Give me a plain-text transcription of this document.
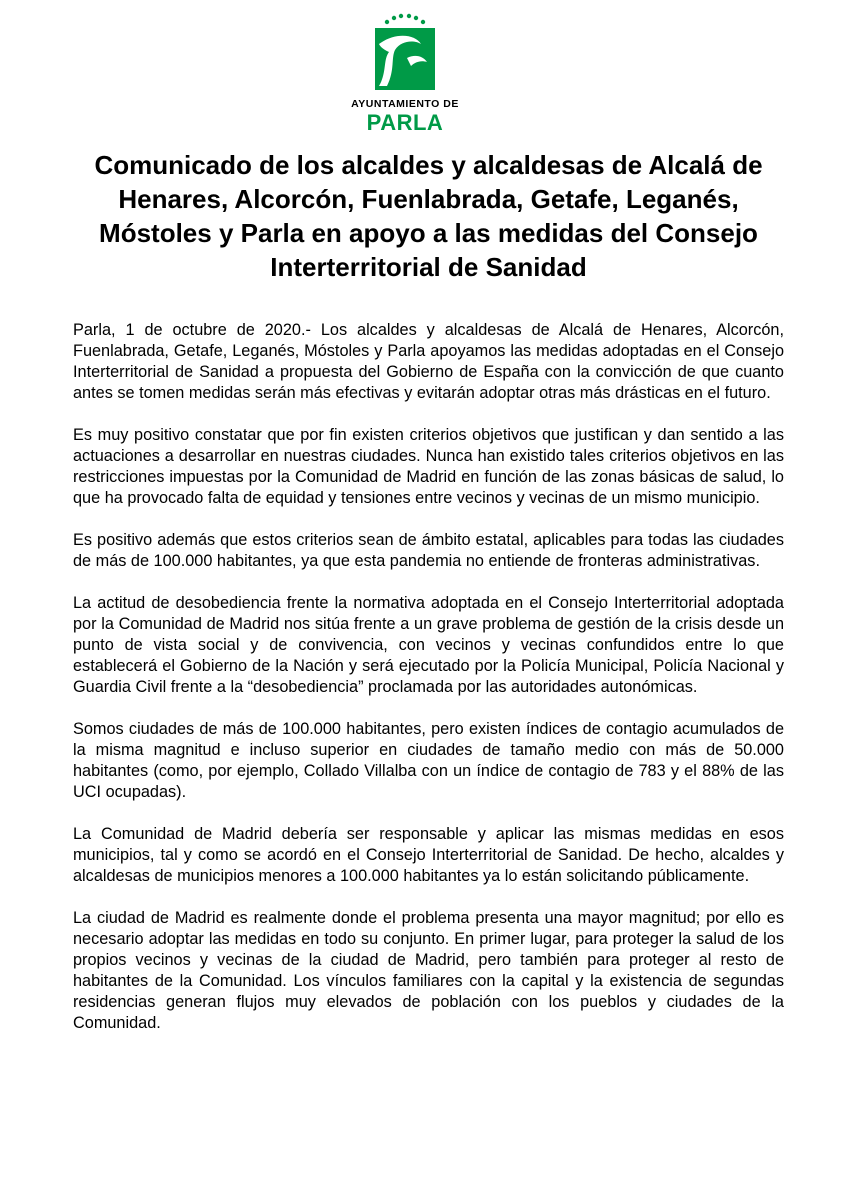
AYUNTAMIENTO DE
PARLA
Comunicado de los alcaldes y alcaldesas de Alcalá de Henares, Alcorcón, Fuenlabrada, Getafe, Leganés, Móstoles y Parla en apoyo a las medidas del Consejo Interterritorial de Sanidad

Parla, 1 de octubre de 2020.- Los alcaldes y alcaldesas de Alcalá de Henares, Alcorcón, Fuenlabrada, Getafe, Leganés, Móstoles y Parla apoyamos las medidas adoptadas en el Consejo Interterritorial de Sanidad a propuesta del Gobierno de España con la convicción de que cuanto antes se tomen medidas serán más efectivas y evitarán adoptar otras más drásticas en el futuro.

Es muy positivo constatar que por fin existen criterios objetivos que justifican y dan sentido a las actuaciones a desarrollar en nuestras ciudades. Nunca han existido tales criterios objetivos en las restricciones impuestas por la Comunidad de Madrid en función de las zonas básicas de salud, lo que ha provocado falta de equidad y tensiones entre vecinos y vecinas de un mismo municipio.

Es positivo además que estos criterios sean de ámbito estatal, aplicables para todas las ciudades de más de 100.000 habitantes, ya que esta pandemia no entiende de fronteras administrativas.

La actitud de desobediencia frente la normativa adoptada en el Consejo Interterritorial adoptada por la Comunidad de Madrid nos sitúa frente a un grave problema de gestión de la crisis desde un punto de vista social y de convivencia, con vecinos y vecinas confundidos entre lo que establecerá el Gobierno de la Nación y será ejecutado por la Policía Municipal, Policía Nacional y Guardia Civil frente a la “desobediencia” proclamada por las autoridades autonómicas.

Somos ciudades de más de 100.000 habitantes, pero existen índices de contagio acumulados de la misma magnitud e incluso superior en ciudades de tamaño medio con más de 50.000 habitantes (como, por ejemplo, Collado Villalba con un índice de contagio de 783 y el 88% de las UCI ocupadas).

La Comunidad de Madrid debería ser responsable y aplicar las mismas medidas en esos municipios, tal y como se acordó en el Consejo Interterritorial de Sanidad. De hecho, alcaldes y alcaldesas de municipios menores a 100.000 habitantes ya lo están solicitando públicamente.

La ciudad de Madrid es realmente donde el problema presenta una mayor magnitud; por ello es necesario adoptar las medidas en todo su conjunto. En primer lugar, para proteger la salud de los propios vecinos y vecinas de la ciudad de Madrid, pero también para proteger al resto de habitantes de la Comunidad. Los vínculos familiares con la capital y la existencia de segundas residencias generan flujos muy elevados de población con los pueblos y ciudades de la Comunidad.
